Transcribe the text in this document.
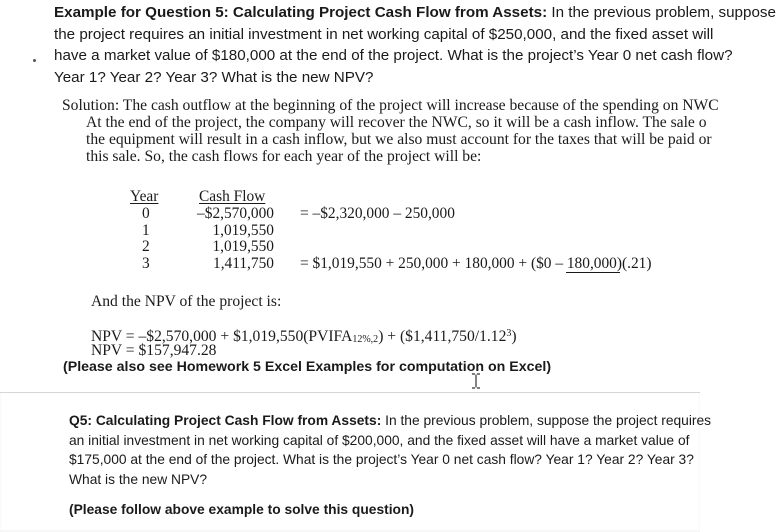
Example for Question 5: Calculating Project Cash Flow from Assets: In the previous problem, suppose
the project requires an initial investment in net working capital of $250,000, and the fixed asset will
have a market value of $180,000 at the end of the project. What is the project’s Year 0 net cash flow?
Year 1? Year 2? Year 3? What is the new NPV?
Solution: The cash outflow at the beginning of the project will increase because of the spending on NWC
At the end of the project, the company will recover the NWC, so it will be a cash inflow. The sale o
the equipment will result in a cash inflow, but we also must account for the taxes that will be paid or
this sale. So, the cash flows for each year of the project will be:
Year	Cash Flow
0
1
2
3
–$2,570,000
1,019,550
1,019,550
1,411,750
= –$2,320,000 – 250,000
= $1,019,550 + 250,000 + 180,000 + ($0 – 180,000)(.21)
And the NPV of the project is:
NPV = –$2,570,000 + $\$1,019,550(PVIFA_{12\%,2})$ + $(\$1,411,750/1.12^3)$
NPV = $157,947.28
(Please also see Homework 5 Excel Examples for computation on Excel)
Q5: Calculating Project Cash Flow from Assets: In the previous problem, suppose the project requires
an initial investment in net working capital of $200,000, and the fixed asset will have a market value of
$175,000 at the end of the project. What is the project’s Year 0 net cash flow? Year 1? Year 2? Year 3?
What is the new NPV?
(Please follow above example to solve this question)
